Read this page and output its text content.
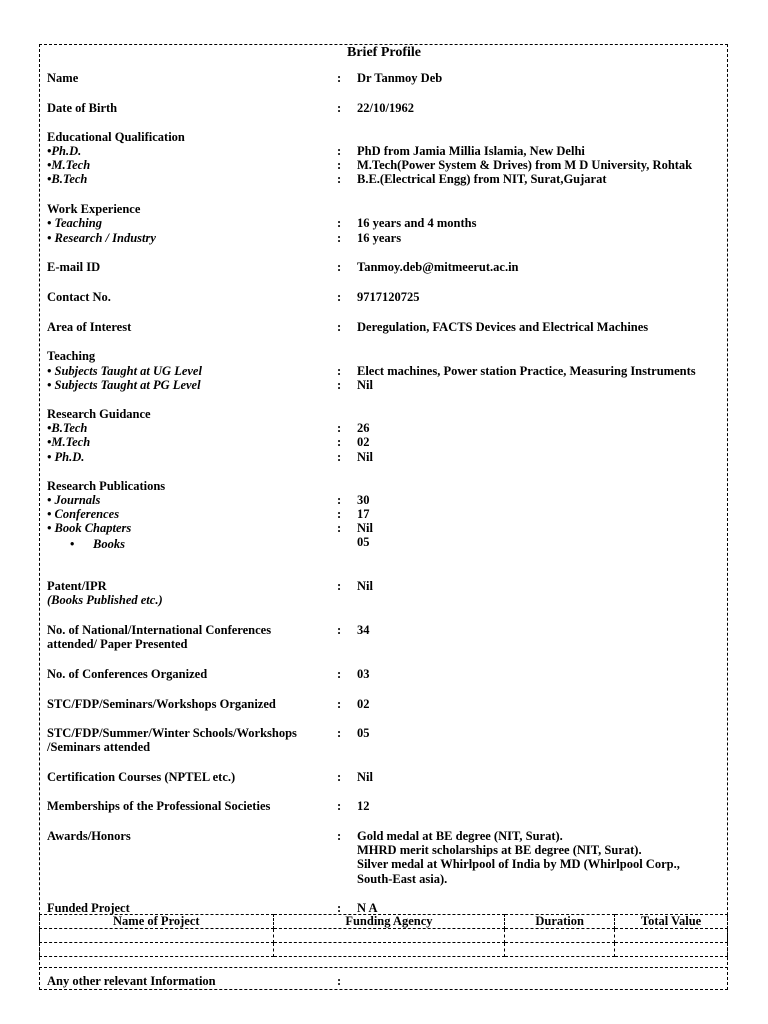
Brief Profile
Name	: Dr Tanmoy Deb
Date of Birth	: 22/10/1962
Educational Qualification
•Ph.D.	: PhD from Jamia Millia Islamia, New Delhi
•M.Tech	: M.Tech(Power System & Drives) from M D University, Rohtak
•B.Tech	: B.E.(Electrical Engg) from NIT, Surat,Gujarat
Work Experience
• Teaching	: 16 years and 4 months
• Research / Industry	: 16 years
E-mail ID	: Tanmoy.deb@mitmeerut.ac.in
Contact No.	: 9717120725
Area of Interest	: Deregulation, FACTS Devices and Electrical Machines
Teaching
• Subjects Taught at UG Level	: Elect machines, Power station Practice, Measuring Instruments
• Subjects Taught at PG Level	: Nil
Research Guidance
•B.Tech	: 26
•M.Tech	: 02
• Ph.D.	: Nil
Research Publications
• Journals	: 30
• Conferences	: 17
• Book Chapters	: Nil
• Books	05
Patent/IPR
(Books Published etc.)
: Nil
No. of National/International Conferences
attended/ Paper Presented
: 34
No. of Conferences Organized	: 03
STC/FDP/Seminars/Workshops Organized	: 02
STC/FDP/Summer/Winter Schools/Workshops
/Seminars attended
: 05
Certification Courses (NPTEL etc.)	: Nil
Memberships of the Professional Societies	: 12
Awards/Honors	: Gold medal at BE degree (NIT, Surat).
MHRD merit scholarships at BE degree (NIT, Surat).
Silver medal at Whirlpool of India by MD (Whirlpool Corp.,
South-East asia).
Funded Project	: N A
Name of Project	Funding Agency	Duration	Total Value

Any other relevant Information	:
